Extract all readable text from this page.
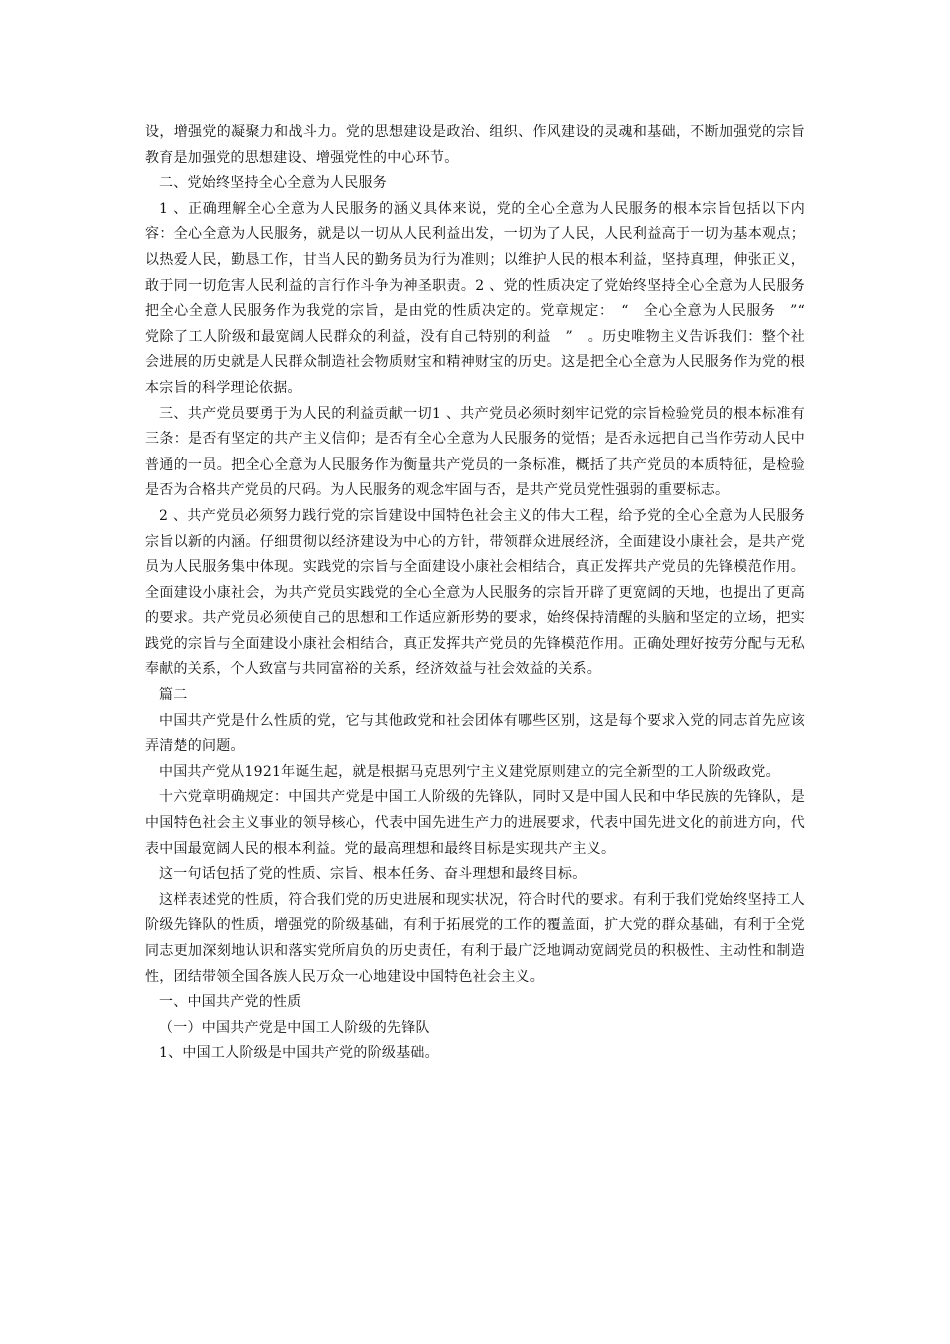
设，增强党的凝聚力和战斗力。党的思想建设是政治、组织、作风建设的灵魂和基础，不断加强党的宗旨教育是加强党的思想建设、增强党性的中心环节。

二、党始终坚持全心全意为人民服务

1 、正确理解全心全意为人民服务的涵义具体来说，党的全心全意为人民服务的根本宗旨包括以下内容：全心全意为人民服务，就是以一切从人民利益出发，一切为了人民，人民利益高于一切为基本观点；以热爱人民，勤恳工作，甘当人民的勤务员为行为准则；以维护人民的根本利益，坚持真理，伸张正义，敢于同一切危害人民利益的言行作斗争为神圣职责。2 、党的性质决定了党始终坚持全心全意为人民服务把全心全意人民服务作为我党的宗旨，是由党的性质决定的。党章规定：　“　全心全意为人民服务　”“　党除了工人阶级和最宽阔人民群众的利益，没有自己特别的利益　”　。历史唯物主义告诉我们：整个社会进展的历史就是人民群众制造社会物质财宝和精神财宝的历史。这是把全心全意为人民服务作为党的根本宗旨的科学理论依据。

三、共产党员要勇于为人民的利益贡献一切1 、共产党员必须时刻牢记党的宗旨检验党员的根本标准有三条：是否有坚定的共产主义信仰；是否有全心全意为人民服务的觉悟；是否永远把自己当作劳动人民中普通的一员。把全心全意为人民服务作为衡量共产党员的一条标准，概括了共产党员的本质特征，是检验是否为合格共产党员的尺码。为人民服务的观念牢固与否，是共产党员党性强弱的重要标志。

2 、共产党员必须努力践行党的宗旨建设中国特色社会主义的伟大工程，给予党的全心全意为人民服务宗旨以新的内涵。仔细贯彻以经济建设为中心的方针，带领群众进展经济，全面建设小康社会，是共产党员为人民服务集中体现。实践党的宗旨与全面建设小康社会相结合，真正发挥共产党员的先锋模范作用。全面建设小康社会，为共产党员实践党的全心全意为人民服务的宗旨开辟了更宽阔的天地，也提出了更高的要求。共产党员必须使自己的思想和工作适应新形势的要求，始终保持清醒的头脑和坚定的立场，把实践党的宗旨与全面建设小康社会相结合，真正发挥共产党员的先锋模范作用。正确处理好按劳分配与无私奉献的关系，个人致富与共同富裕的关系，经济效益与社会效益的关系。

篇二

中国共产党是什么性质的党，它与其他政党和社会团体有哪些区别，这是每个要求入党的同志首先应该弄清楚的问题。

中国共产党从1921年诞生起，就是根据马克思列宁主义建党原则建立的完全新型的工人阶级政党。

十六党章明确规定：中国共产党是中国工人阶级的先锋队，同时又是中国人民和中华民族的先锋队，是中国特色社会主义事业的领导核心，代表中国先进生产力的进展要求，代表中国先进文化的前进方向，代表中国最宽阔人民的根本利益。党的最高理想和最终目标是实现共产主义。

这一句话包括了党的性质、宗旨、根本任务、奋斗理想和最终目标。

这样表述党的性质，符合我们党的历史进展和现实状况，符合时代的要求。有利于我们党始终坚持工人阶级先锋队的性质，增强党的阶级基础，有利于拓展党的工作的覆盖面，扩大党的群众基础，有利于全党同志更加深刻地认识和落实党所肩负的历史责任，有利于最广泛地调动宽阔党员的积极性、主动性和制造性，团结带领全国各族人民万众一心地建设中国特色社会主义。

一、中国共产党的性质

（一）中国共产党是中国工人阶级的先锋队

1、中国工人阶级是中国共产党的阶级基础。
